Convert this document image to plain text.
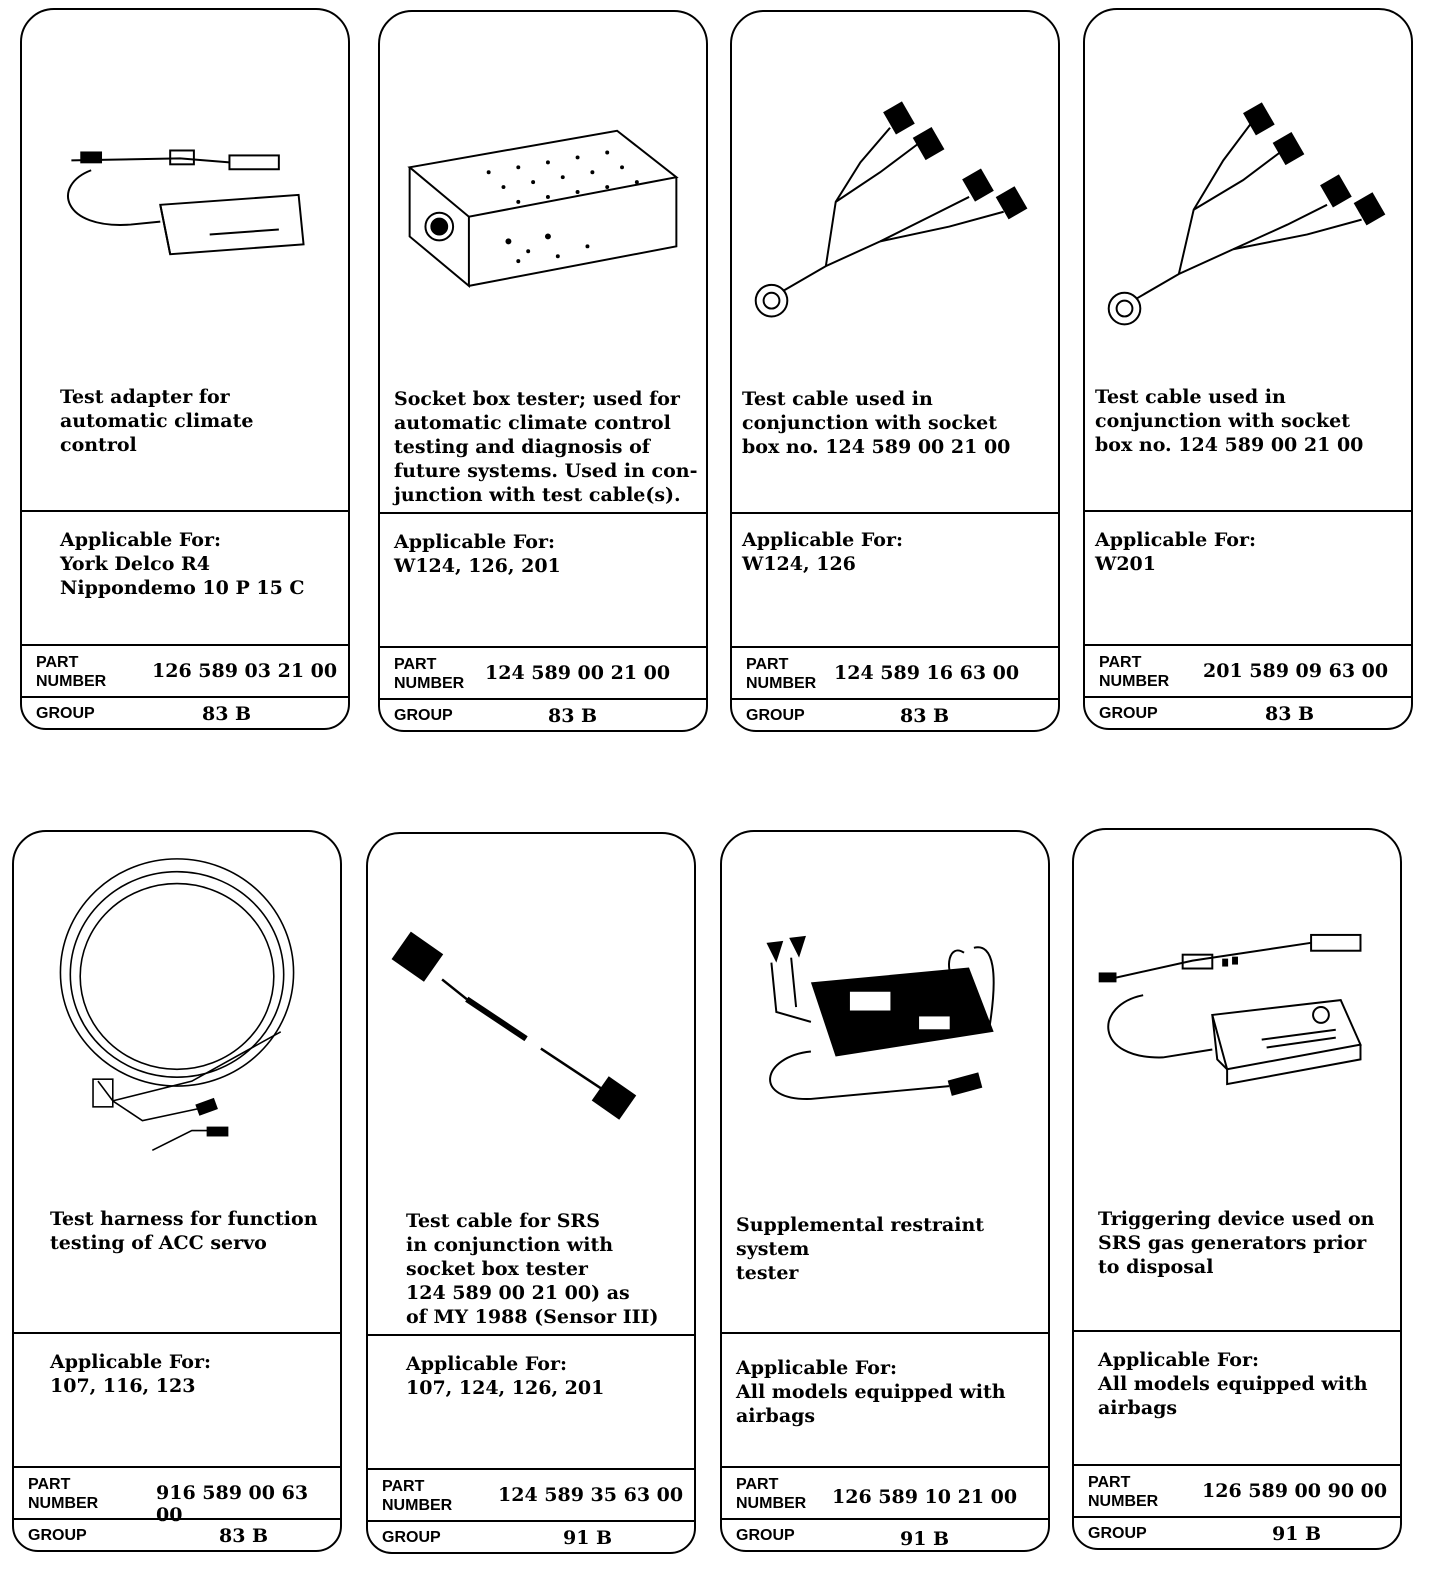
Test adapter for
automatic climate control
Applicable For:
York Delco R4
Nippondemo 10 P 15 C
PART
NUMBER 126 589 03 21 00
GROUP	83 B
Socket box tester; used for
automatic climate control
testing and diagnosis of
future systems. Used in con-
junction with test cable(s).
Applicable For:
W124, 126, 201
PART
NUMBER 124 589 00 21 00
GROUP	83 B
Test cable used in
conjunction with socket
box no. 124 589 00 21 00
Applicable For:
W124, 126
PART
NUMBER 124 589 16 63 00
GROUP	83 B
Test cable used in
conjunction with socket
box no. 124 589 00 21 00
Applicable For:
W201
PART
NUMBER 201 589 09 63 00
GROUP	83 B
Test harness for function
testing of ACC servo
Applicable For:
107, 116, 123
PART
NUMBER	916 589 00 63 00
GROUP	83 B
Test cable for SRS
in conjunction with
socket box tester
124 589 00 21 00) as
of MY 1988 (Sensor III)
Applicable For:
107, 124, 126, 201
PART
NUMBER 124 589 35 63 00
GROUP	91 B
Supplemental restraint system
tester
Applicable For:
All models equipped with
airbags
PART
NUMBER 126 589 10 21 00
GROUP	91 B
Triggering device used on
SRS gas generators prior
to disposal
Applicable For:
All models equipped with
airbags
PART
NUMBER 126 589 00 90 00
GROUP	91 B
